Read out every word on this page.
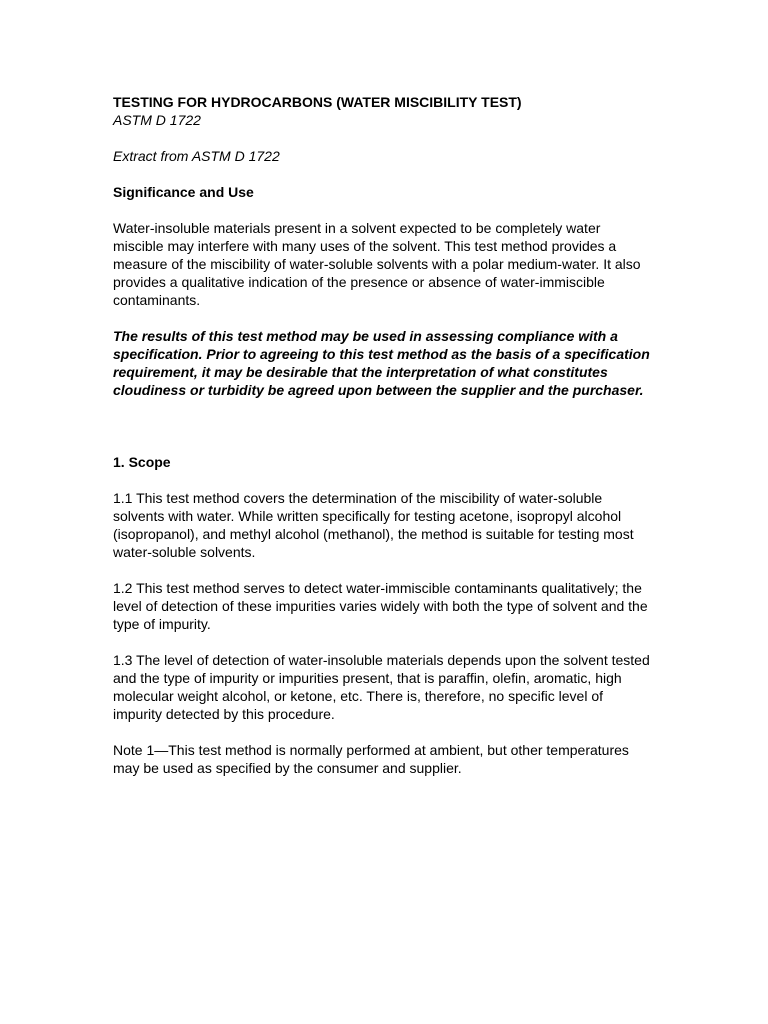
TESTING FOR HYDROCARBONS (WATER MISCIBILITY TEST)

ASTM D 1722

Extract from ASTM D 1722

Significance and Use

Water-insoluble materials present in a solvent expected to be completely water miscible may interfere with many uses of the solvent. This test method provides a measure of the miscibility of water-soluble solvents with a polar medium-water. It also provides a qualitative indication of the presence or absence of water-immiscible contaminants.

The results of this test method may be used in assessing compliance with a specification. Prior to agreeing to this test method as the basis of a specification requirement, it may be desirable that the interpretation of what constitutes cloudiness or turbidity be agreed upon between the supplier and the purchaser.

1. Scope

1.1 This test method covers the determination of the miscibility of water-soluble solvents with water. While written specifically for testing acetone, isopropyl alcohol (isopropanol), and methyl alcohol (methanol), the method is suitable for testing most water-soluble solvents.

1.2 This test method serves to detect water-immiscible contaminants qualitatively; the level of detection of these impurities varies widely with both the type of solvent and the type of impurity.

1.3 The level of detection of water-insoluble materials depends upon the solvent tested and the type of impurity or impurities present, that is paraffin, olefin, aromatic, high molecular weight alcohol, or ketone, etc. There is, therefore, no specific level of impurity detected by this procedure.

Note 1—This test method is normally performed at ambient, but other temperatures may be used as specified by the consumer and supplier.
